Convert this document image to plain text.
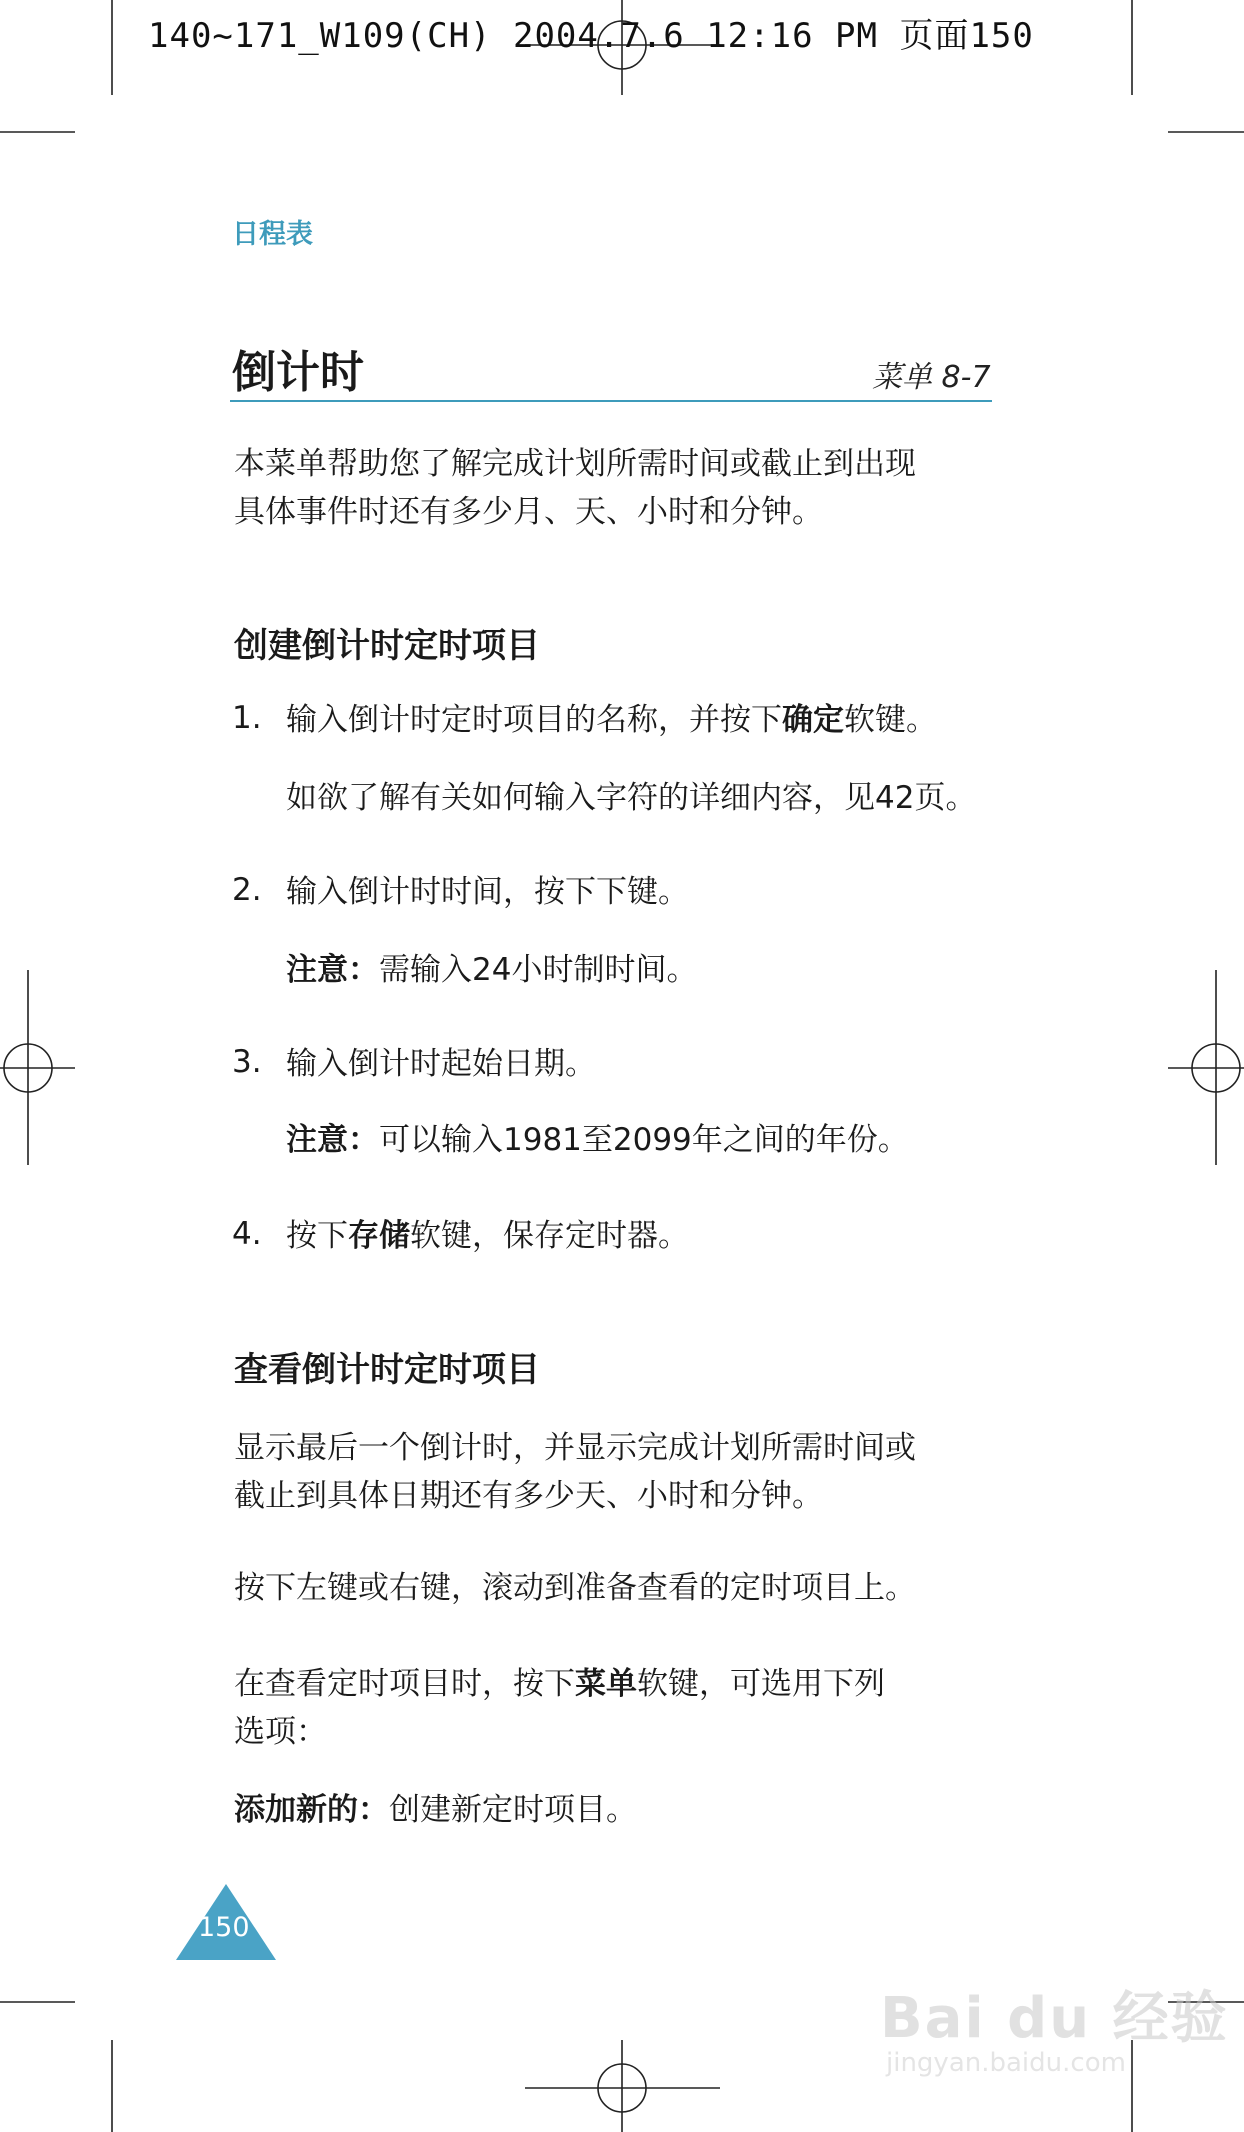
140~171_W109(CH) 2004.7.6 12:16 PM 页面150
日程表
倒计时	菜单 8-7
本菜单帮助您了解完成计划所需时间或截止到出现
具体事件时还有多少月、天、小时和分钟。
创建倒计时定时项目
1. 输入倒计时定时项目的名称，并按下确定软键。
如欲了解有关如何输入字符的详细内容，见42页。
2. 输入倒计时时间，按下下键。
注意：需输入24小时制时间。
3. 输入倒计时起始日期。
注意：可以输入1981至2099年之间的年份。
4. 按下存储软键，保存定时器。
查看倒计时定时项目
显示最后一个倒计时，并显示完成计划所需时间或
截止到具体日期还有多少天、小时和分钟。
按下左键或右键，滚动到准备查看的定时项目上。
在查看定时项目时，按下菜单软键，可选用下列
选项：
添加新的：创建新定时项目。
150
Bai du 经验
jingyan.baidu.com
